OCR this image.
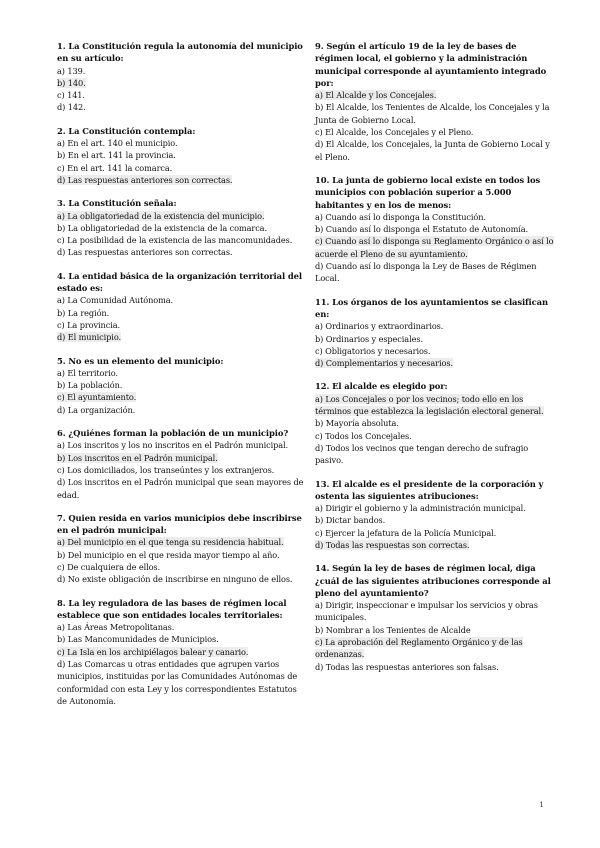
1. La Constitución regula la autonomía del municipio en su artículo:
a) 139.
b) 140.
c) 141.
d) 142.
2. La Constitución contempla:
a) En el art. 140 el municipio.
b) En el art. 141 la provincia.
c) En el art. 141 la comarca.
d) Las respuestas anteriores son correctas.
3. La Constitución señala:
a) La obligatoriedad de la existencia del municipio.
b) La obligatoriedad de la existencia de la comarca.
c) La posibilidad de la existencia de las mancomunidades.
d) Las respuestas anteriores son correctas.
4. La entidad básica de la organización territorial del estado es:
a) La Comunidad Autónoma.
b) La región.
c) La provincia.
d) El municipio.
5. No es un elemento del municipio:
a) El territorio.
b) La población.
c) El ayuntamiento.
d) La organización.
6. ¿Quiénes forman la población de un municipio?
a) Los inscritos y los no inscritos en el Padrón municipal.
b) Los inscritos en el Padrón municipal.
c) Los domiciliados, los transeúntes y los extranjeros.
d) Los inscritos en el Padrón municipal que sean mayores de edad.
7. Quien resida en varios municipios debe inscribirse en el padrón municipal:
a) Del municipio en el que tenga su residencia habitual.
b) Del municipio en el que resida mayor tiempo al año.
c) De cualquiera de ellos.
d) No existe obligación de inscribirse en ninguno de ellos.
8. La ley reguladora de las bases de régimen local establece que son entidades locales territoriales:
a) Las Áreas Metropolitanas.
b) Las Mancomunidades de Municipios.
c) La Isla en los archipiélagos balear y canario.
d) Las Comarcas u otras entidades que agrupen varios municipios, instituidas por las Comunidades Autónomas de conformidad con esta Ley y los correspondientes Estatutos de Autonomía.
9. Según el artículo 19 de la ley de bases de régimen local, el gobierno y la administración municipal corresponde al ayuntamiento integrado por:
a) El Alcalde y los Concejales.
b) El Alcalde, los Tenientes de Alcalde, los Concejales y la Junta de Gobierno Local.
c) El Alcalde, los Concejales y el Pleno.
d) El Alcalde, los Concejales, la Junta de Gobierno Local y el Pleno.
10. La junta de gobierno local existe en todos los municipios con población superior a 5.000 habitantes y en los de menos:
a) Cuando así lo disponga la Constitución.
b) Cuando así lo disponga el Estatuto de Autonomía.
c) Cuando así lo disponga su Reglamento Orgánico o así lo acuerde el Pleno de su ayuntamiento.
d) Cuando así lo disponga la Ley de Bases de Régimen Local.
11. Los órganos de los ayuntamientos se clasifican en:
a) Ordinarios y extraordinarios.
b) Ordinarios y especiales.
c) Obligatorios y necesarios.
d) Complementarios y necesarios.
12. El alcalde es elegido por:
a) Los Concejales o por los vecinos; todo ello en los términos que establezca la legislación electoral general.
b) Mayoría absoluta.
c) Todos los Concejales.
d) Todos los vecinos que tengan derecho de sufragio pasivo.
13. El alcalde es el presidente de la corporación y ostenta las siguientes atribuciones:
a) Dirigir el gobierno y la administración municipal.
b) Dictar bandos.
c) Ejercer la jefatura de la Policía Municipal.
d) Todas las respuestas son correctas.
14. Según la ley de bases de régimen local, diga ¿cuál de las siguientes atribuciones corresponde al pleno del ayuntamiento?
a) Dirigir, inspeccionar e impulsar los servicios y obras municipales.
b) Nombrar a los Tenientes de Alcalde
c) La aprobación del Reglamento Orgánico y de las ordenanzas.
d) Todas las respuestas anteriores son falsas.
1
